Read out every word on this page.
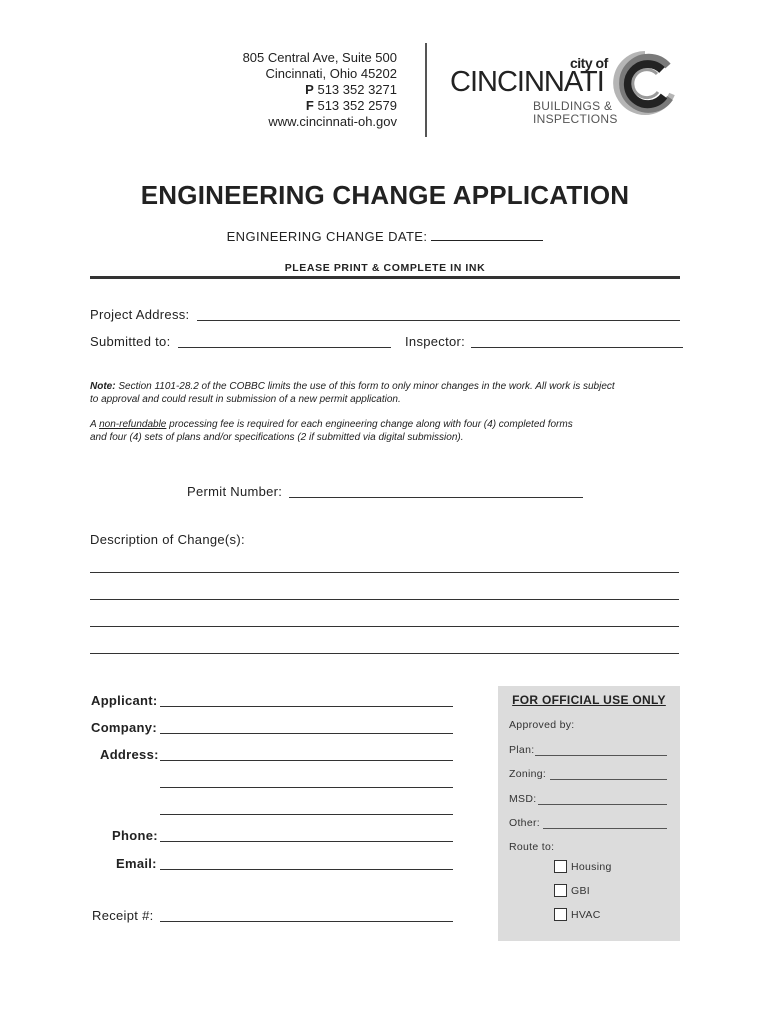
805 Central Ave, Suite 500
Cincinnati, Ohio 45202
P 513 352 3271
F 513 352 2579
www.cincinnati-oh.gov
city of
CINCINNATI
BUILDINGS &
INSPECTIONS
ENGINEERING CHANGE APPLICATION
ENGINEERING CHANGE DATE:
PLEASE PRINT & COMPLETE IN INK
Project Address:
Submitted to:	Inspector:
Note: Section 1101-28.2 of the COBBC limits the use of this form to only minor changes in the work. All work is subject
to approval and could result in submission of a new permit application.
A non-refundable processing fee is required for each engineering change along with four (4) completed forms
and four (4) sets of plans and/or specifications (2 if submitted via digital submission).
Permit Number:
Description of Change(s):
Applicant:
Company:
Address:
Phone:
Email:
Receipt #:
FOR OFFICIAL USE ONLY
Approved by:
Plan:
Zoning:
MSD:
Other:
Route to:
Housing
GBI
HVAC
